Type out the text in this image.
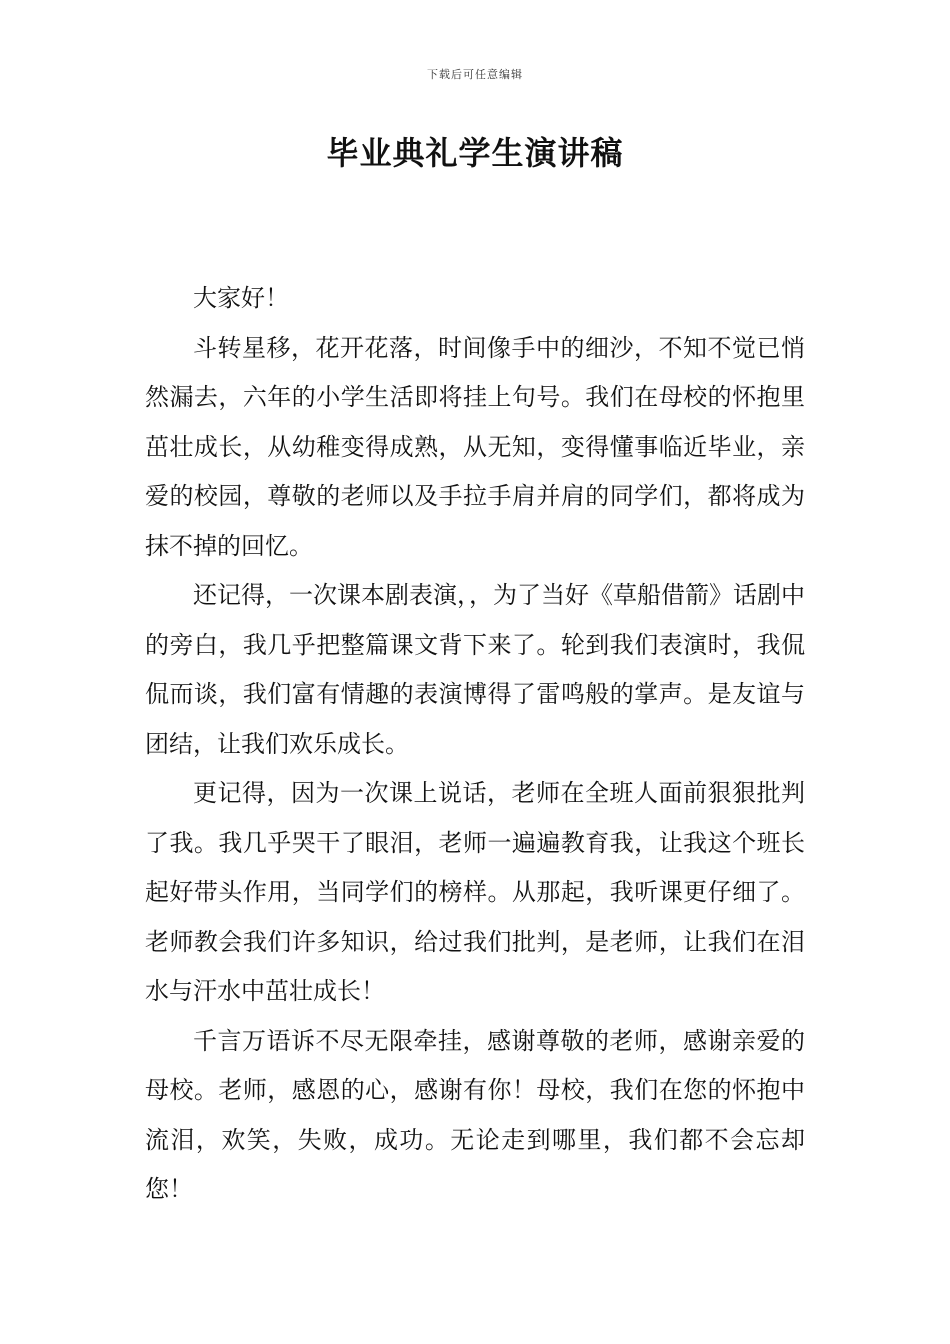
下载后可任意编辑
毕业典礼学生演讲稿

大家好！

斗转星移，花开花落，时间像手中的细沙，不知不觉已悄然漏去，六年的小学生活即将挂上句号。我们在母校的怀抱里茁壮成长，从幼稚变得成熟，从无知，变得懂事临近毕业，亲爱的校园，尊敬的老师以及手拉手肩并肩的同学们，都将成为抹不掉的回忆。

还记得，一次课本剧表演，，为了当好《草船借箭》话剧中的旁白，我几乎把整篇课文背下来了。轮到我们表演时，我侃侃而谈，我们富有情趣的表演博得了雷鸣般的掌声。是友谊与团结，让我们欢乐成长。

更记得，因为一次课上说话，老师在全班人面前狠狠批判了我。我几乎哭干了眼泪，老师一遍遍教育我，让我这个班长起好带头作用，当同学们的榜样。从那起，我听课更仔细了。老师教会我们许多知识，给过我们批判，是老师，让我们在泪水与汗水中茁壮成长！

千言万语诉不尽无限牵挂，感谢尊敬的老师，感谢亲爱的母校。老师，感恩的心，感谢有你！母校，我们在您的怀抱中流泪，欢笑，失败，成功。无论走到哪里，我们都不会忘却您！
